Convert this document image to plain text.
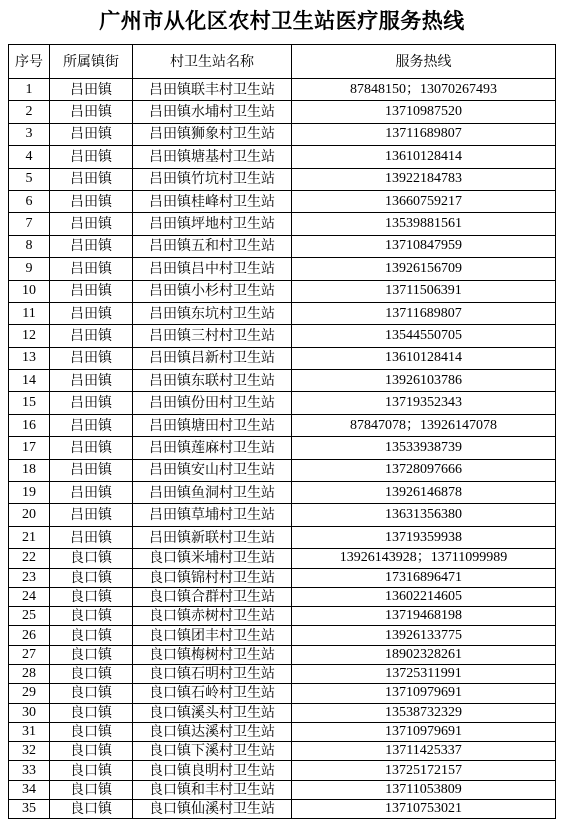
广州市从化区农村卫生站医疗服务热线
序号	所属镇街	村卫生站名称	服务热线
1	吕田镇	吕田镇联丰村卫生站	87848150；13070267493
2	吕田镇	吕田镇水埔村卫生站	13710987520
3	吕田镇	吕田镇狮象村卫生站	13711689807
4	吕田镇	吕田镇塘基村卫生站	13610128414
5	吕田镇	吕田镇竹坑村卫生站	13922184783
6	吕田镇	吕田镇桂峰村卫生站	13660759217
7	吕田镇	吕田镇坪地村卫生站	13539881561
8	吕田镇	吕田镇五和村卫生站	13710847959
9	吕田镇	吕田镇吕中村卫生站	13926156709
10	吕田镇	吕田镇小杉村卫生站	13711506391
11	吕田镇	吕田镇东坑村卫生站	13711689807
12	吕田镇	吕田镇三村村卫生站	13544550705
13	吕田镇	吕田镇吕新村卫生站	13610128414
14	吕田镇	吕田镇东联村卫生站	13926103786
15	吕田镇	吕田镇份田村卫生站	13719352343
16	吕田镇	吕田镇塘田村卫生站	87847078；13926147078
17	吕田镇	吕田镇莲麻村卫生站	13533938739
18	吕田镇	吕田镇安山村卫生站	13728097666
19	吕田镇	吕田镇鱼洞村卫生站	13926146878
20	吕田镇	吕田镇草埔村卫生站	13631356380
21	吕田镇	吕田镇新联村卫生站	13719359938
22	良口镇	良口镇米埔村卫生站	13926143928；13711099989
23	良口镇	良口镇锦村村卫生站	17316896471
24	良口镇	良口镇合群村卫生站	13602214605
25	良口镇	良口镇赤树村卫生站	13719468198
26	良口镇	良口镇团丰村卫生站	13926133775
27	良口镇	良口镇梅树村卫生站	18902328261
28	良口镇	良口镇石明村卫生站	13725311991
29	良口镇	良口镇石岭村卫生站	13710979691
30	良口镇	良口镇溪头村卫生站	13538732329
31	良口镇	良口镇达溪村卫生站	13710979691
32	良口镇	良口镇下溪村卫生站	13711425337
33	良口镇	良口镇良明村卫生站	13725172157
34	良口镇	良口镇和丰村卫生站	13711053809
35	良口镇	良口镇仙溪村卫生站	13710753021
